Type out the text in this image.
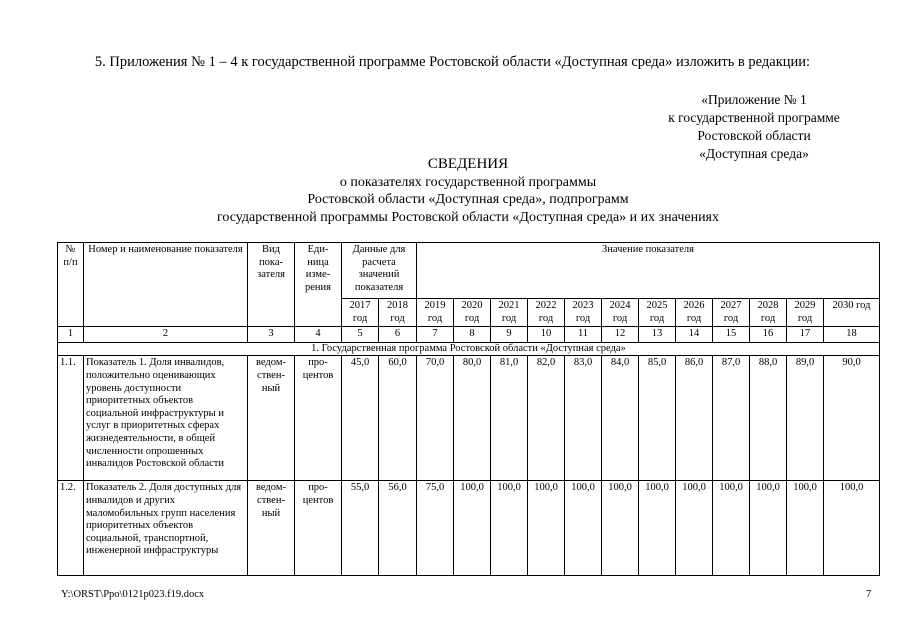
5. Приложения № 1 – 4 к государственной программе Ростовской области «Доступная среда» изложить в редакции:
«Приложение № 1
к государственной программе
Ростовской области
«Доступная среда»
СВЕДЕНИЯ
о показателях государственной программы
Ростовской области «Доступная среда», подпрограмм
государственной программы Ростовской области «Доступная среда» и их значениях
№ п/п	Номер и наименование показателя	Вид пока-зателя	Еди-ница изме-рения	Данные для расчета значений показателя		Значение показателя											
				2017 год	2018 год	2019 год	2020 год	2021 год	2022 год	2023 год	2024 год	2025 год	2026 год	2027 год	2028 год	2029 год	2030 год
1	2	3	4	5	6	7	8	9	10	11	12	13	14	15	16	17	18
1. Государственная программа Ростовской области «Доступная среда»																	
1.1.	Показатель 1. Доля инвалидов, положительно оценивающих уровень доступности приоритетных объектов социальной инфраструктуры и услуг в приоритетных сферах жизнедеятельности, в общей численности опрошенных инвалидов Ростовской области	ведом-ствен-ный	про-центов	45,0	60,0	70,0	80,0	81,0	82,0	83,0	84,0	85,0	86,0	87,0	88,0	89,0	90,0
1.2.	Показатель 2. Доля доступных для инвалидов и других маломобильных групп населения приоритетных объектов социальной, транспортной, инженерной инфраструктуры	ведом-ствен-ный	про-центов	55,0	56,0	75,0	100,0	100,0	100,0	100,0	100,0	100,0	100,0	100,0	100,0	100,0	100,0
Y:\ORST\Ppo\0121p023.f19.docx	7
